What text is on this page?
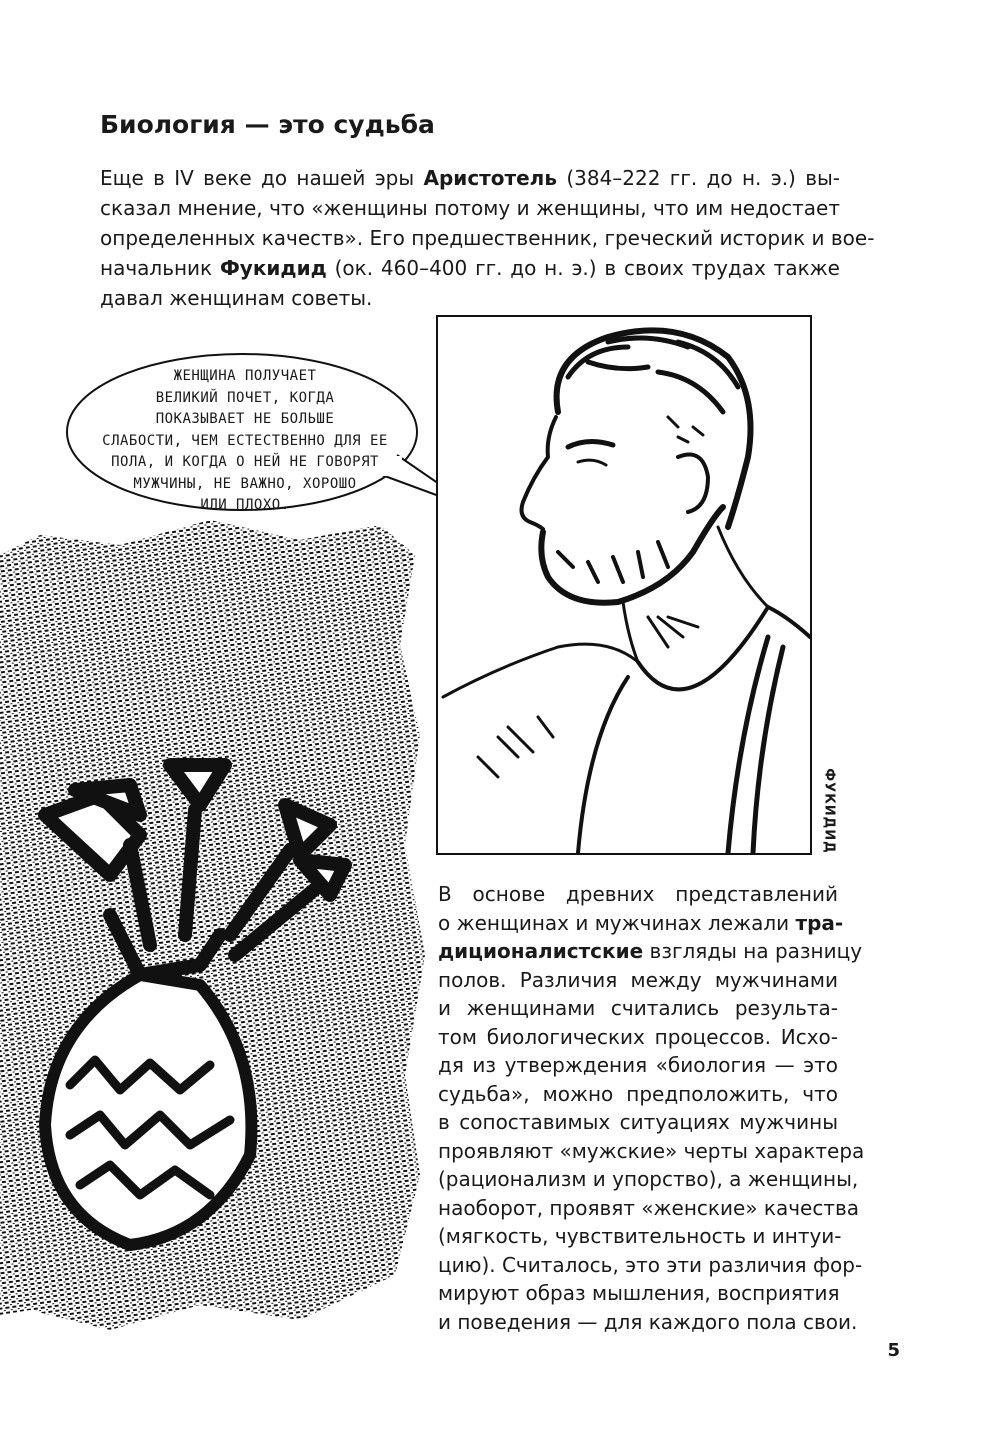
Биология — это судьба
Еще в IV веке до нашей эры Аристотель (384–222 гг. до н. э.) вы-
сказал мнение, что «женщины потому и женщины, что им недостает
определенных качеств». Его предшественник, греческий историк и вое-
начальник Фукидид (ок. 460–400 гг. до н. э.) в своих трудах также
давал женщинам советы.
ЖЕНЩИНА ПОЛУЧАЕТ
ВЕЛИКИЙ ПОЧЕТ, КОГДА
ПОКАЗЫВАЕТ НЕ БОЛЬШЕ
СЛАБОСТИ, ЧЕМ ЕСТЕСТВЕННО ДЛЯ ЕЕ
ПОЛА, И КОГДА О НЕЙ НЕ ГОВОРЯТ
МУЖЧИНЫ, НЕ ВАЖНО, ХОРОШО
ИЛИ ПЛОХО.
ФУКИДИД
В основе древних представлений
о женщинах и мужчинах лежали тра-
диционалистские взгляды на разницу
полов. Различия между мужчинами
и женщинами считались результа-
том биологических процессов. Исхо-
дя из утверждения «биология — это
судьба», можно предположить, что
в сопоставимых ситуациях мужчины
проявляют «мужские» черты характера
(рационализм и упорство), а женщины,
наоборот, проявят «женские» качества
(мягкость, чувствительность и интуи-
цию). Считалось, это эти различия фор-
мируют образ мышления, восприятия
и поведения — для каждого пола свои.
5
